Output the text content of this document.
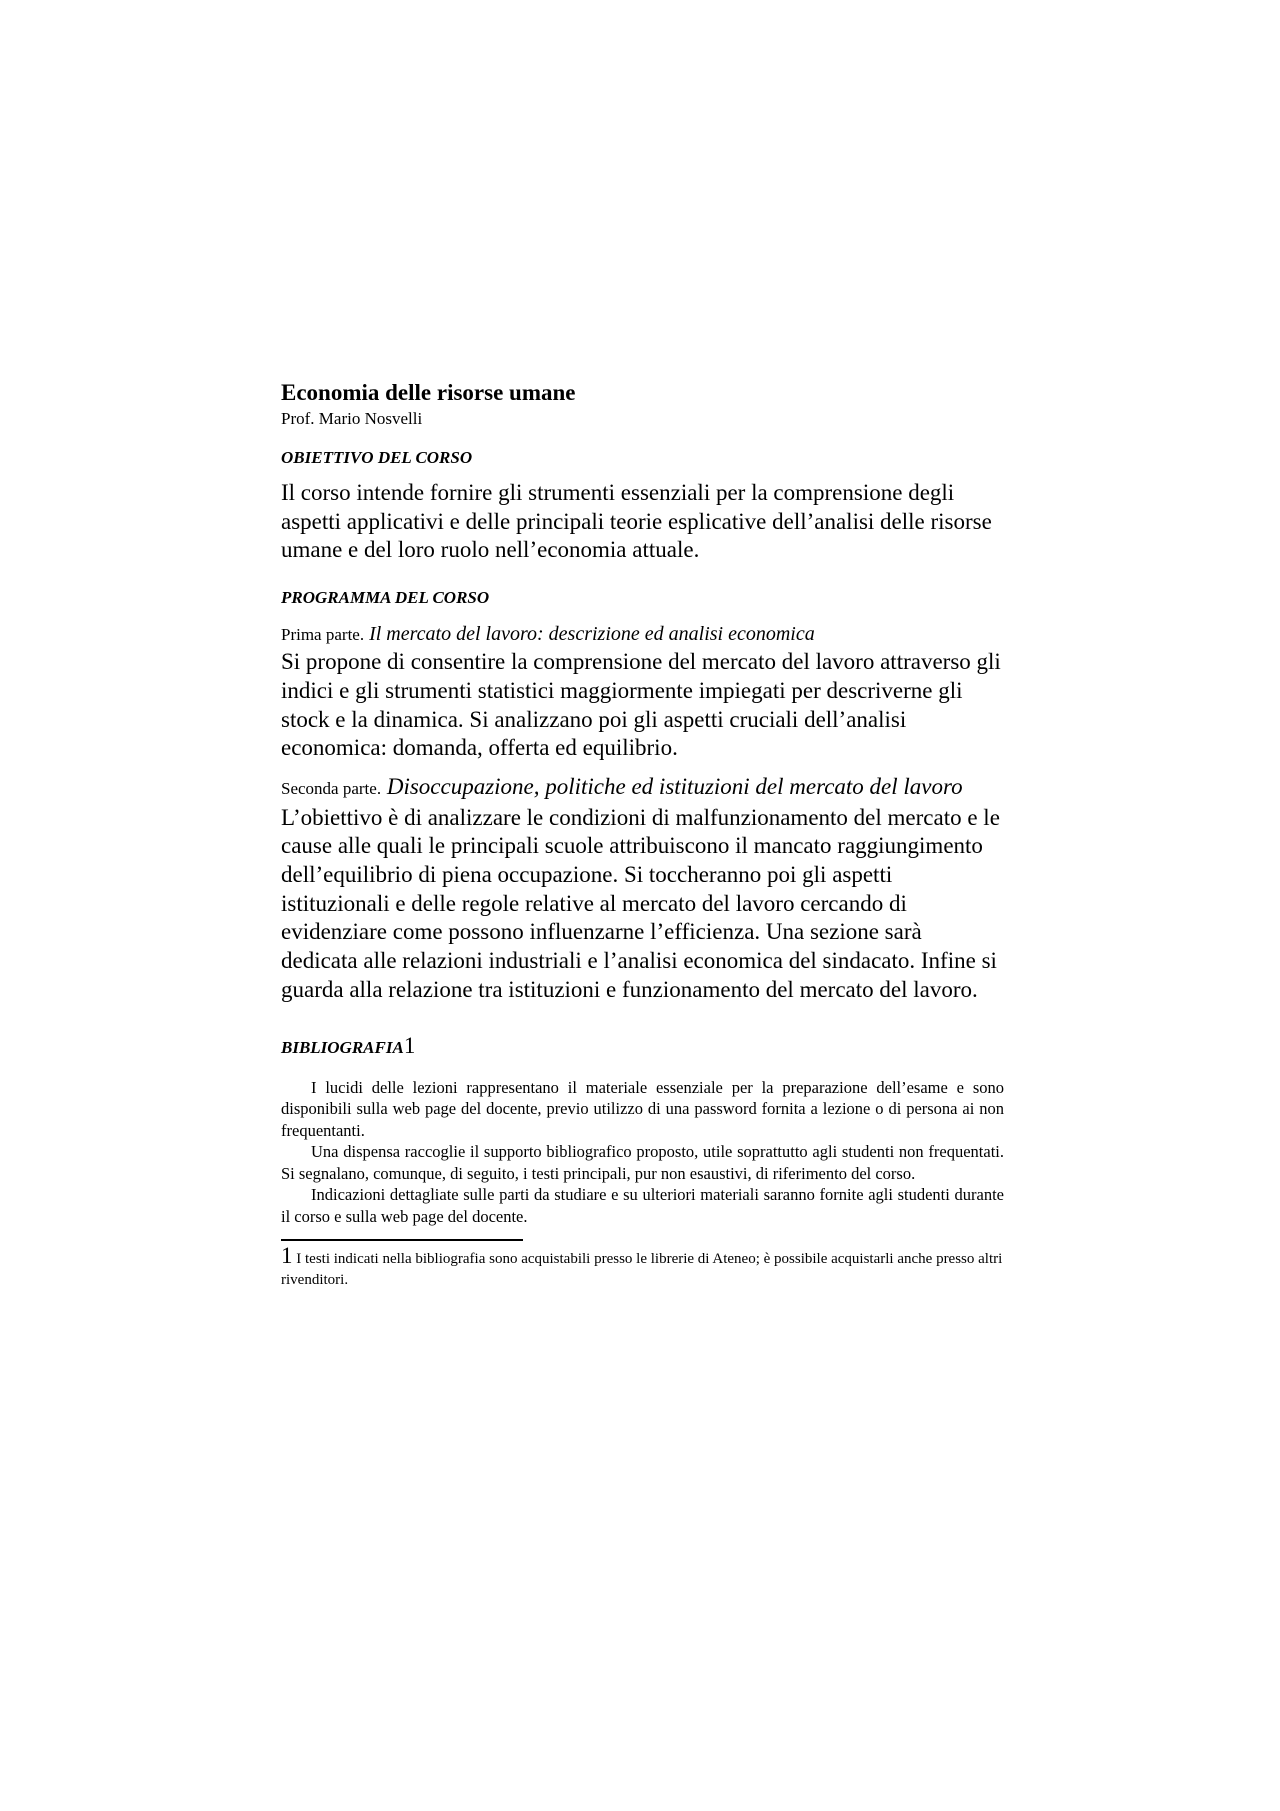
Economia delle risorse umane

Prof. Mario Nosvelli

OBIETTIVO DEL CORSO

Il corso intende fornire gli strumenti essenziali per la comprensione degli aspetti applicativi e delle principali teorie esplicative dell’analisi delle risorse umane e del loro ruolo nell’economia attuale.

PROGRAMMA DEL CORSO

Prima parte. Il mercato del lavoro: descrizione ed analisi economica

Si propone di consentire la comprensione del mercato del lavoro attraverso gli indici e gli strumenti statistici maggiormente impiegati per descriverne gli stock e la dinamica. Si analizzano poi gli aspetti cruciali dell’analisi economica: domanda, offerta ed equilibrio.

Seconda parte. Disoccupazione, politiche ed istituzioni del mercato del lavoro

L’obiettivo è di analizzare le condizioni di malfunzionamento del mercato e le cause alle quali le principali scuole attribuiscono il mancato raggiungimento dell’equilibrio di piena occupazione. Si toccheranno poi gli aspetti istituzionali e delle regole relative al mercato del lavoro cercando di evidenziare come possono influenzarne l’efficienza. Una sezione sarà dedicata alle relazioni industriali e l’analisi economica del sindacato. Infine si guarda alla relazione tra istituzioni e funzionamento del mercato del lavoro.

BIBLIOGRAFIA1

I lucidi delle lezioni rappresentano il materiale essenziale per la preparazione dell’esame e sono disponibili sulla web page del docente, previo utilizzo di una password fornita a lezione o di persona ai non frequentanti.

Una dispensa raccoglie il supporto bibliografico proposto, utile soprattutto agli studenti non frequentati. Si segnalano, comunque, di seguito, i testi principali, pur non esaustivi, di riferimento del corso.

Indicazioni dettagliate sulle parti da studiare e su ulteriori materiali saranno fornite agli studenti durante il corso e sulla web page del docente.

1 I testi indicati nella bibliografia sono acquistabili presso le librerie di Ateneo; è possibile acquistarli anche presso altri rivenditori.
